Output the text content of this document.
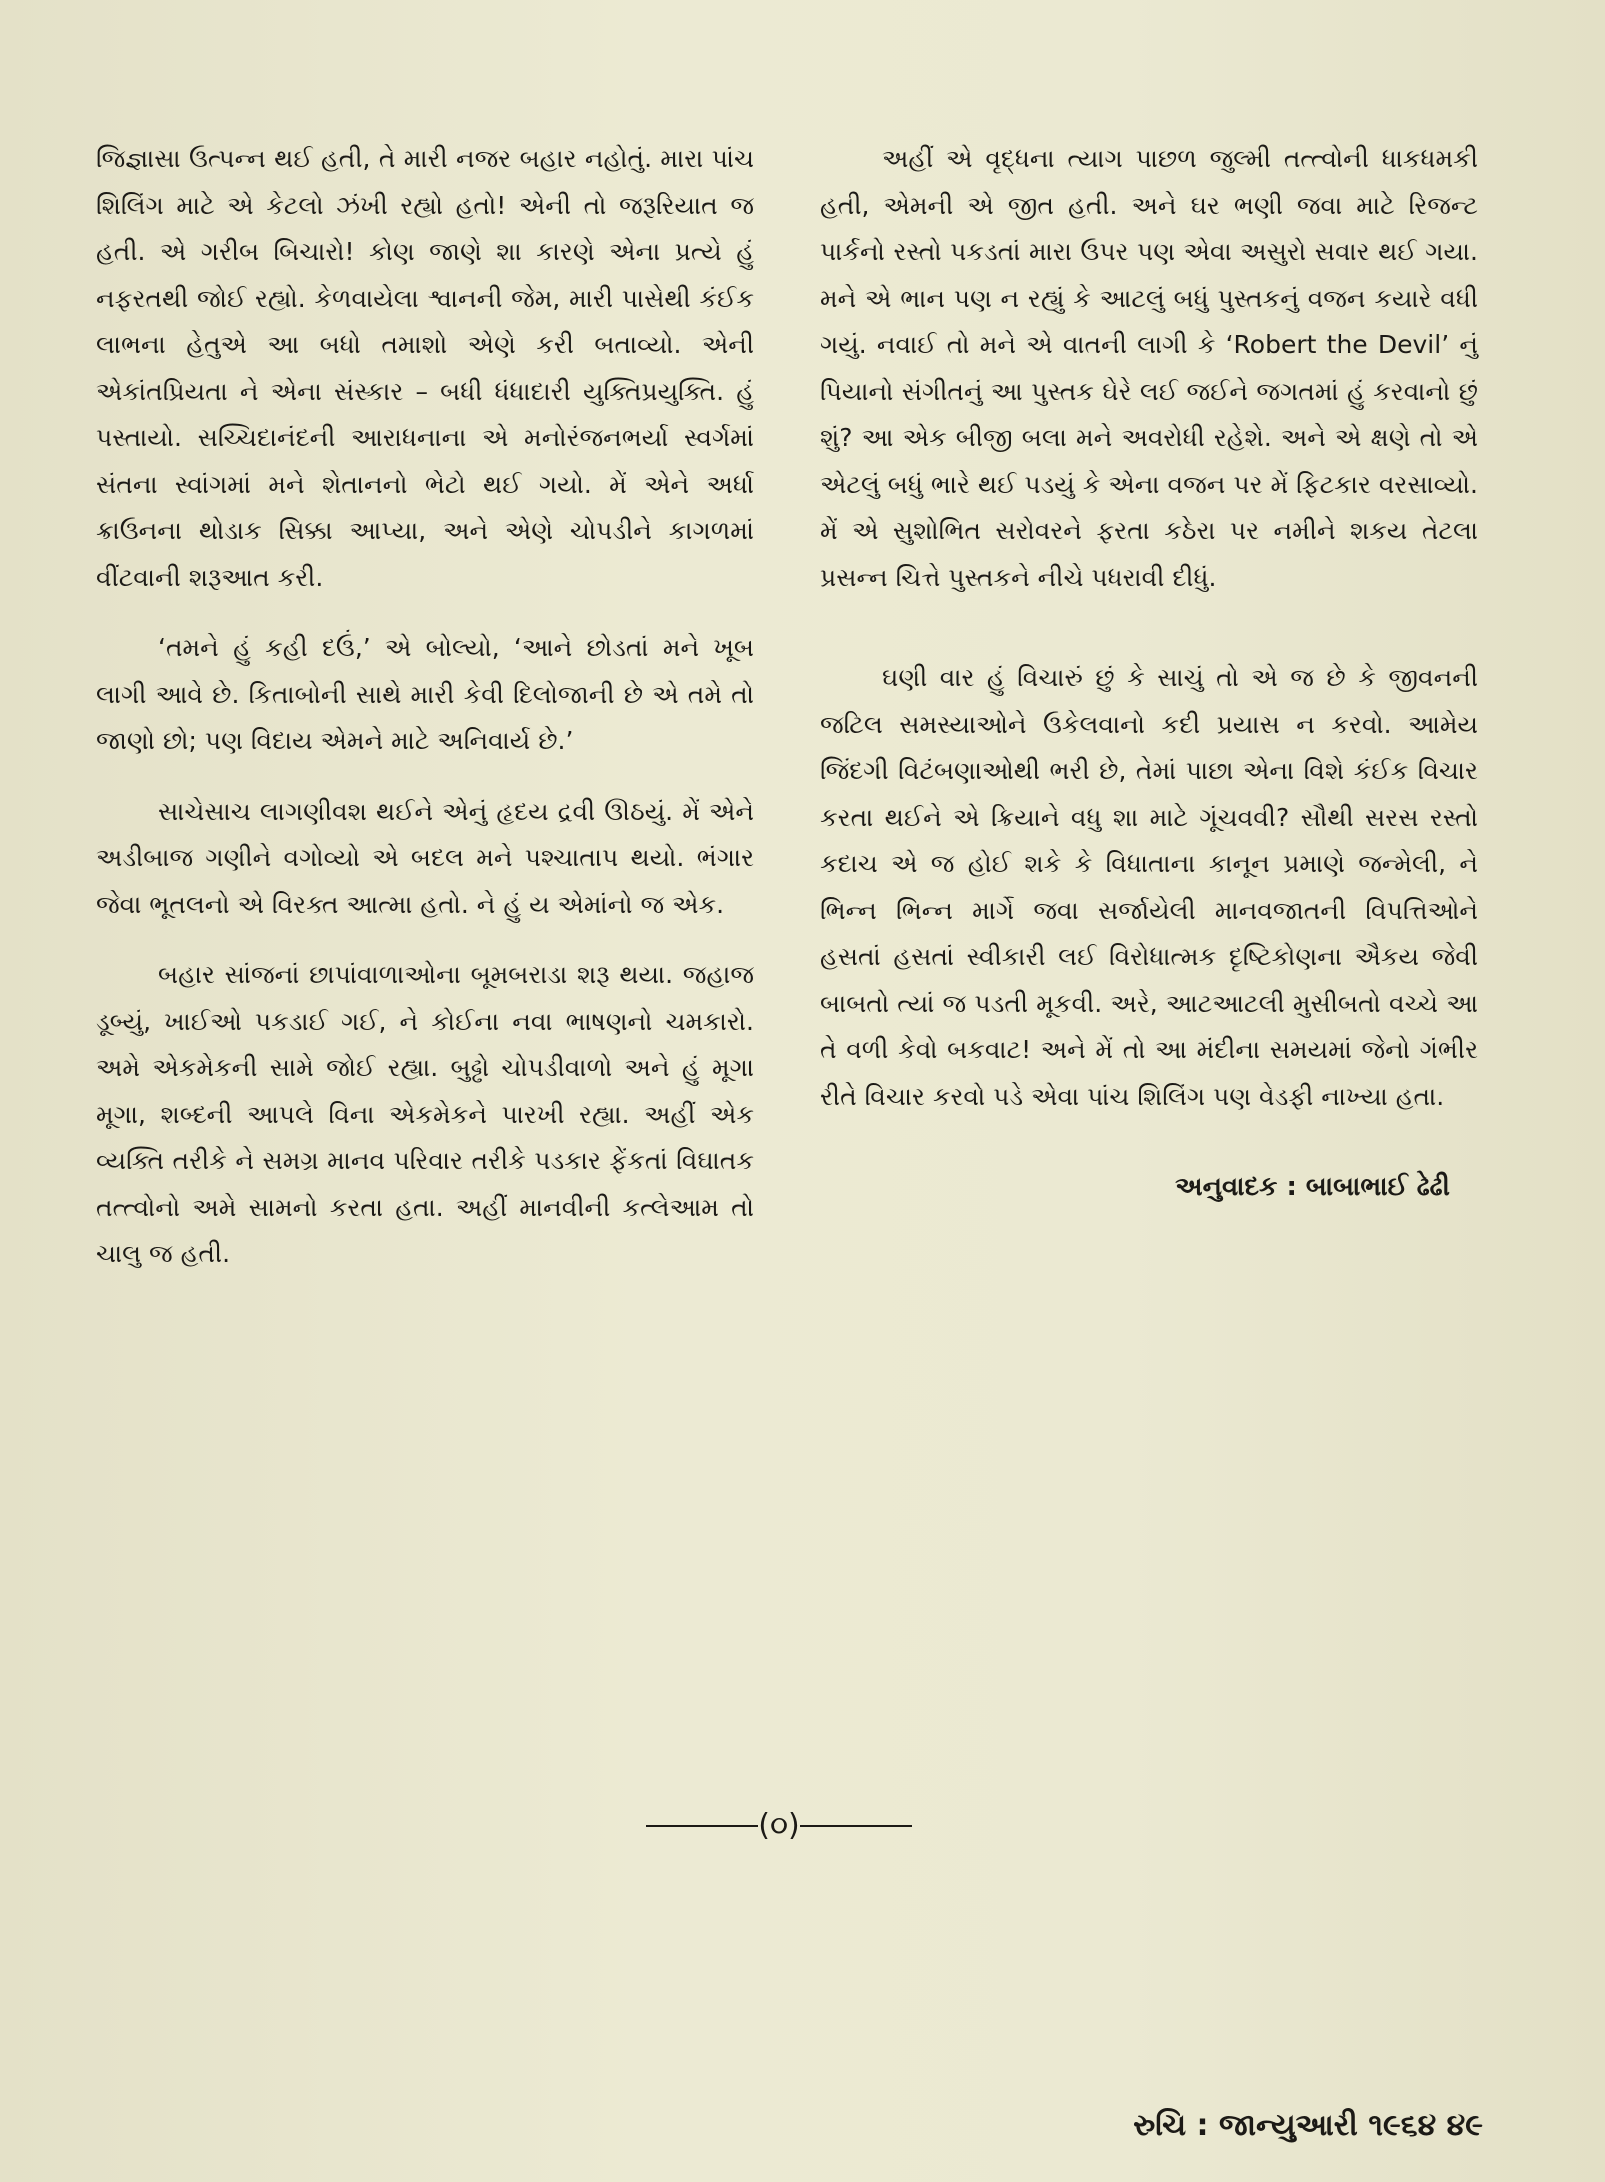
જિજ્ઞાસા ઉત્પન્ન થઈ હતી, તે મારી નજર બહાર નહોતું. મારા પાંચ શિલિંગ માટે એ કેટલો ઝંખી રહ્યો હતો! એની તો જરૂરિયાત જ હતી. એ ગરીબ બિચારો! કોણ જાણે શા કારણે એના પ્રત્યે હું નફરતથી જોઈ રહ્યો. કેળવાયેલા શ્વાનની જેમ, મારી પાસેથી કંઈક લાભના હેતુએ આ બધો તમાશો એણે કરી બતાવ્યો. એની એકાંતપ્રિયતા ને એના સંસ્કાર – બધી ધંધાદારી યુક્તિપ્રયુક્તિ. હું પસ્તાયો. સચ્ચિદાનંદની આરાધનાના એ મનોરંજનભર્યા સ્વર્ગમાં સંતના સ્વાંગમાં મને શેતાનનો ભેટો થઈ ગયો. મેં એને અર્ધા ક્રાઉનના થોડાક સિક્કા આપ્યા, અને એણે ચોપડીને કાગળમાં વીંટવાની શરૂઆત કરી.

‘તમને હું કહી દઉં,’ એ બોલ્યો, ‘આને છોડતાં મને ખૂબ લાગી આવે છે. કિતાબોની સાથે મારી કેવી દિલોજાની છે એ તમે તો જાણો છો; પણ વિદાય એમને માટે અનિવાર્ય છે.’

સાચેસાચ લાગણીવશ થઈને એનું હૃદય દ્રવી ઊઠયું. મેં એને અડીબાજ ગણીને વગોવ્યો એ બદલ મને પશ્ચાતાપ થયો. ભંગાર જેવા ભૂતલનો એ વિરક્ત આત્મા હતો. ને હું ય એમાંનો જ એક.

બહાર સાંજનાં છાપાંવાળાઓના બૂમબરાડા શરૂ થયા. જહાજ ડૂબ્યું, ખાઈઓ પકડાઈ ગઈ, ને કોઈના નવા ભાષણનો ચમકારો. અમે એકમેકની સામે જોઈ રહ્યા. બુઢ્ઢો ચોપડીવાળો અને હું મૂગા મૂગા, શબ્દની આપલે વિના એકમેકને પારખી રહ્યા. અહીં એક વ્યક્તિ તરીકે ને સમગ્ર માનવ પરિવાર તરીકે પડકાર ફેંકતાં વિઘાતક તત્ત્વોનો અમે સામનો કરતા હતા. અહીં માનવીની કત્લેઆમ તો ચાલુ જ હતી.

અહીં એ વૃદ્ધના ત્યાગ પાછળ જુલ્મી તત્ત્વોની ધાકધમકી હતી, એમની એ જીત હતી. અને ઘર ભણી જવા માટે રિજન્ટ પાર્કનો રસ્તો પકડતાં મારા ઉપર પણ એવા અસુરો સવાર થઈ ગયા. મને એ ભાન પણ ન રહ્યું કે આટલું બધું પુસ્તકનું વજન કયારે વધી ગયું. નવાઈ તો મને એ વાતની લાગી કે ‘Robert the Devil’ નું પિયાનો સંગીતનું આ પુસ્તક ઘેરે લઈ જઈને જગતમાં હું કરવાનો છું શું? આ એક બીજી બલા મને અવરોધી રહેશે. અને એ ક્ષણે તો એ એટલું બધું ભારે થઈ પડયું કે એના વજન પર મેં ફિટકાર વરસાવ્યો. મેં એ સુશોભિત સરોવરને ફરતા કઠેરા પર નમીને શકય તેટલા પ્રસન્ન ચિત્તે પુસ્તકને નીચે પધરાવી દીધું.

ઘણી વાર હું વિચારું છું કે સાચું તો એ જ છે કે જીવનની જટિલ સમસ્યાઓને ઉકેલવાનો કદી પ્રયાસ ન કરવો. આમેય જિંદગી વિટંબણાઓથી ભરી છે, તેમાં પાછા એના વિશે કંઈક વિચાર કરતા થઈને એ ક્રિયાને વધુ શા માટે ગૂંચવવી? સૌથી સરસ રસ્તો કદાચ એ જ હોઈ શકે કે વિધાતાના કાનૂન પ્રમાણે જન્મેલી, ને ભિન્ન ભિન્ન માર્ગે જવા સર્જાયેલી માનવજાતની વિપત્તિઓને હસતાં હસતાં સ્વીકારી લઈ વિરોધાત્મક દૃષ્ટિકોણના ઐકય જેવી બાબતો ત્યાં જ પડતી મૂકવી. અરે, આટઆટલી મુસીબતો વચ્ચે આ તે વળી કેવો બકવાટ! અને મેં તો આ મંદીના સમયમાં જેનો ગંભીર રીતે વિચાર કરવો પડે એવા પાંચ શિલિંગ પણ વેડફી નાખ્યા હતા.

અનુવાદક : બાબાભાઈ ઢેઢી
(૦)
રુચિ : જાન્યુઆરી ૧૯૬૪ ૪૯
